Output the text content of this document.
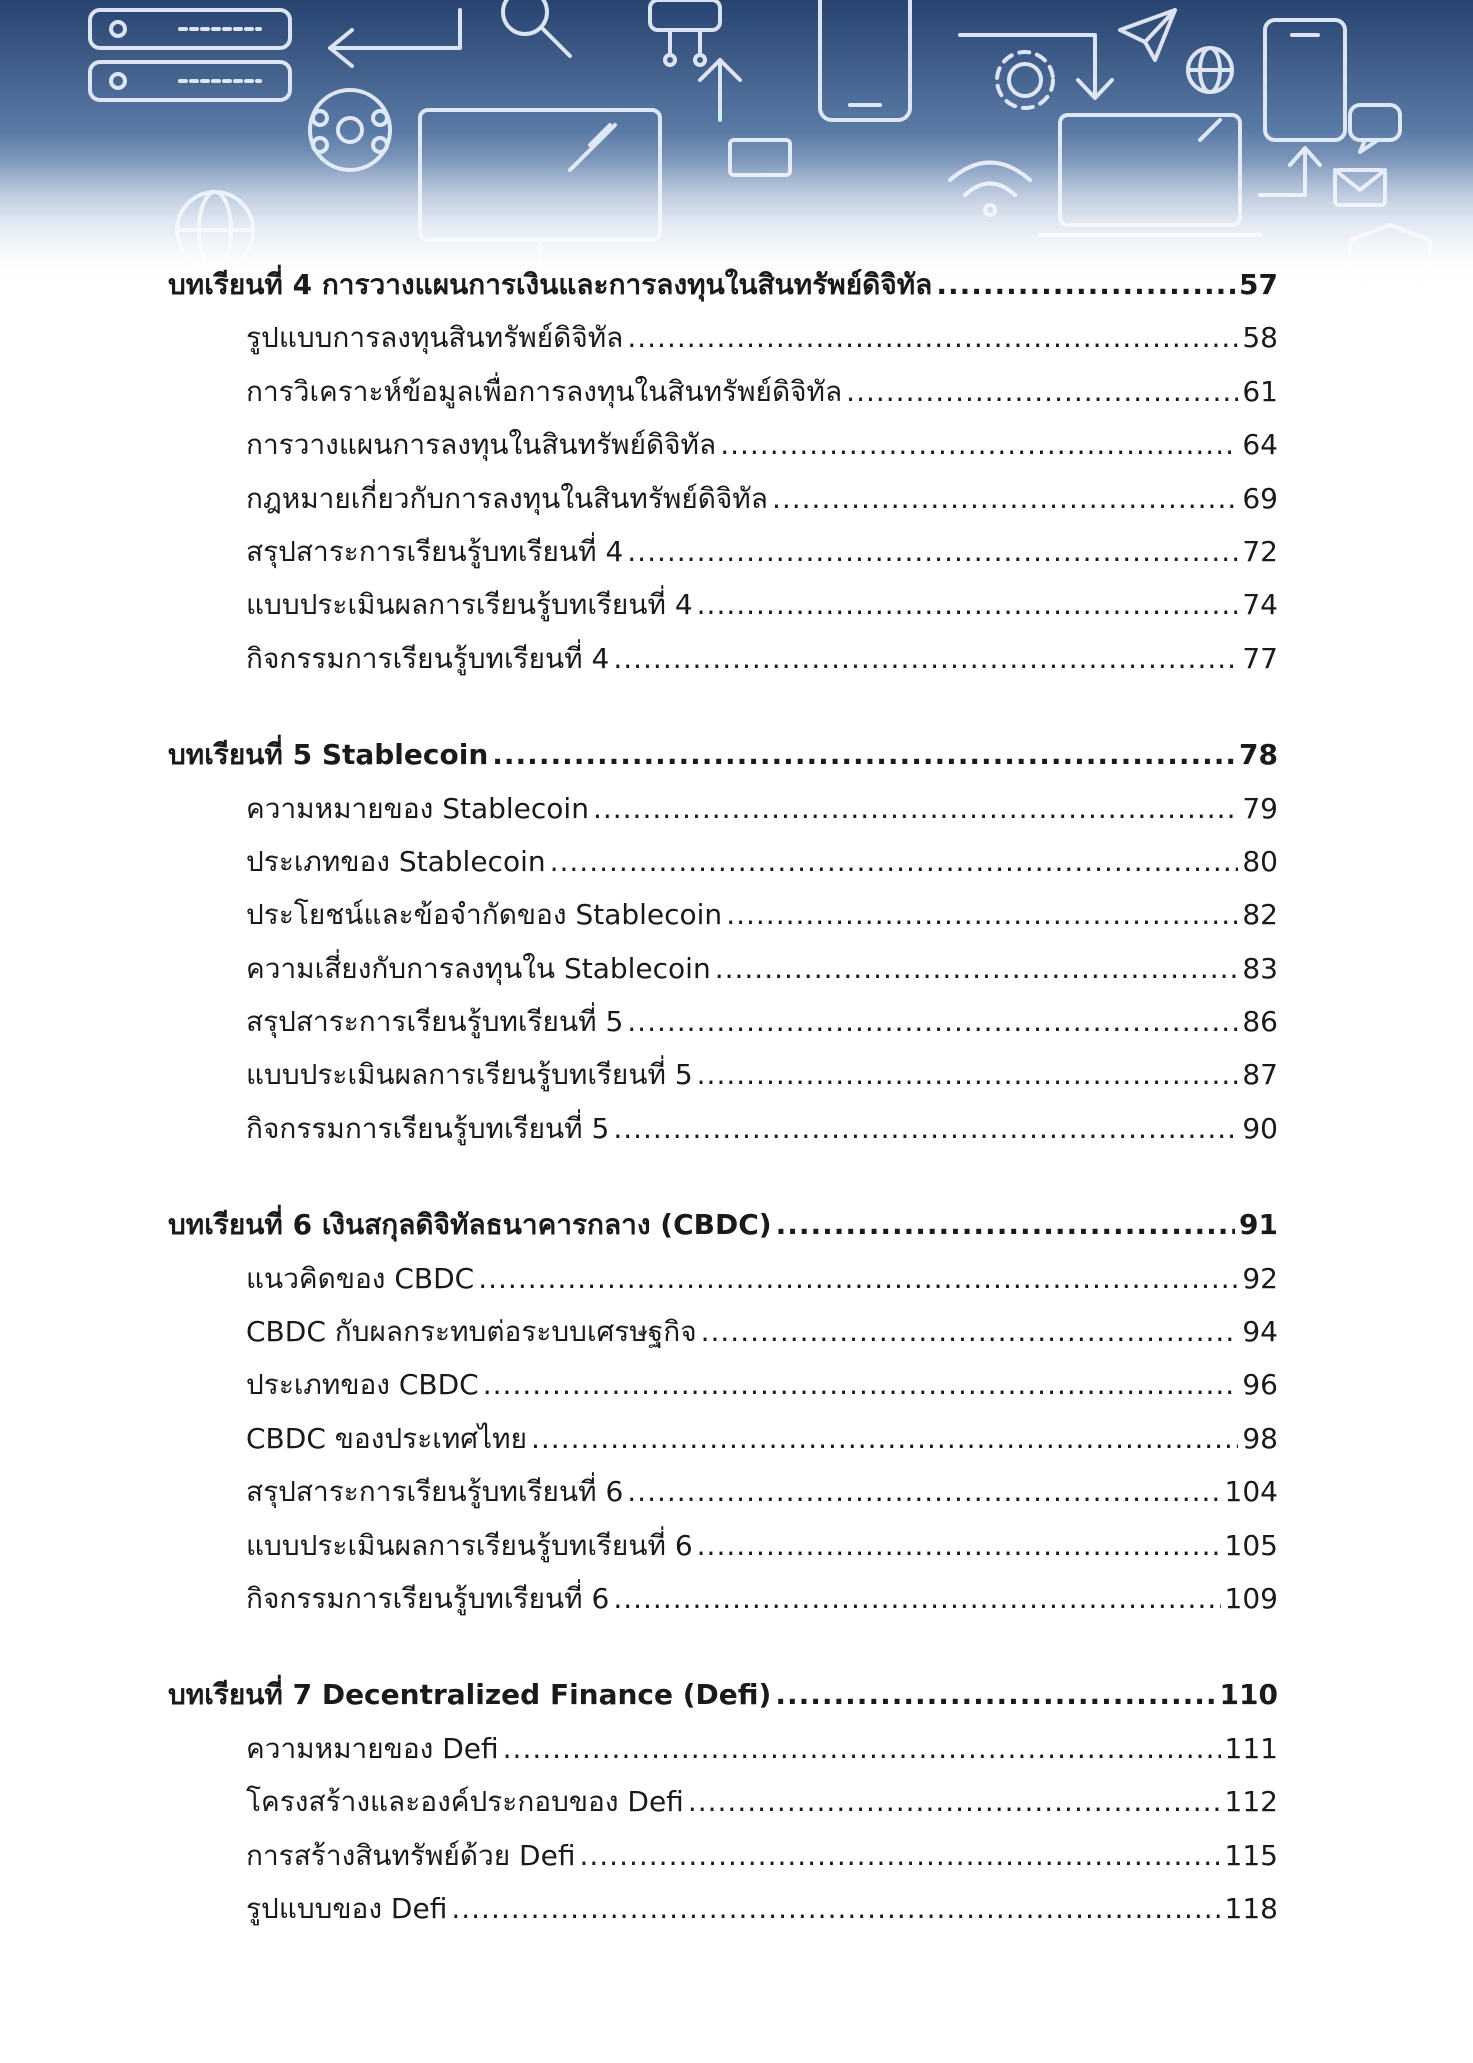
บทเรียนที่ 4 การวางแผนการเงินและการลงทุนในสินทรัพย์ดิจิทัล .....	57
รูปแบบการลงทุนสินทรัพย์ดิจิทัล .....	58
การวิเคราะห์ข้อมูลเพื่อการลงทุนในสินทรัพย์ดิจิทัล .....	61
การวางแผนการลงทุนในสินทรัพย์ดิจิทัล .....	64
กฎหมายเกี่ยวกับการลงทุนในสินทรัพย์ดิจิทัล .....	69
สรุปสาระการเรียนรู้บทเรียนที่ 4 .....	72
แบบประเมินผลการเรียนรู้บทเรียนที่ 4 .....	74
กิจกรรมการเรียนรู้บทเรียนที่ 4 .....	77
บทเรียนที่ 5 Stablecoin .....	78
ความหมายของ Stablecoin .....	79
ประเภทของ Stablecoin .....	80
ประโยชน์และข้อจำกัดของ Stablecoin .....	82
ความเสี่ยงกับการลงทุนใน Stablecoin .....	83
สรุปสาระการเรียนรู้บทเรียนที่ 5 .....	86
แบบประเมินผลการเรียนรู้บทเรียนที่ 5 .....	87
กิจกรรมการเรียนรู้บทเรียนที่ 5 .....	90
บทเรียนที่ 6 เงินสกุลดิจิทัลธนาคารกลาง (CBDC) .....	91
แนวคิดของ CBDC .....	92
CBDC กับผลกระทบต่อระบบเศรษฐกิจ .....	94
ประเภทของ CBDC .....	96
CBDC ของประเทศไทย .....	98
สรุปสาระการเรียนรู้บทเรียนที่ 6 .....	104
แบบประเมินผลการเรียนรู้บทเรียนที่ 6 .....	105
กิจกรรมการเรียนรู้บทเรียนที่ 6 .....	109
บทเรียนที่ 7 Decentralized Finance (Defi) .....	110
ความหมายของ Defi .....	111
โครงสร้างและองค์ประกอบของ Defi .....	112
การสร้างสินทรัพย์ด้วย Defi .....	115
รูปแบบของ Defi .....	118
